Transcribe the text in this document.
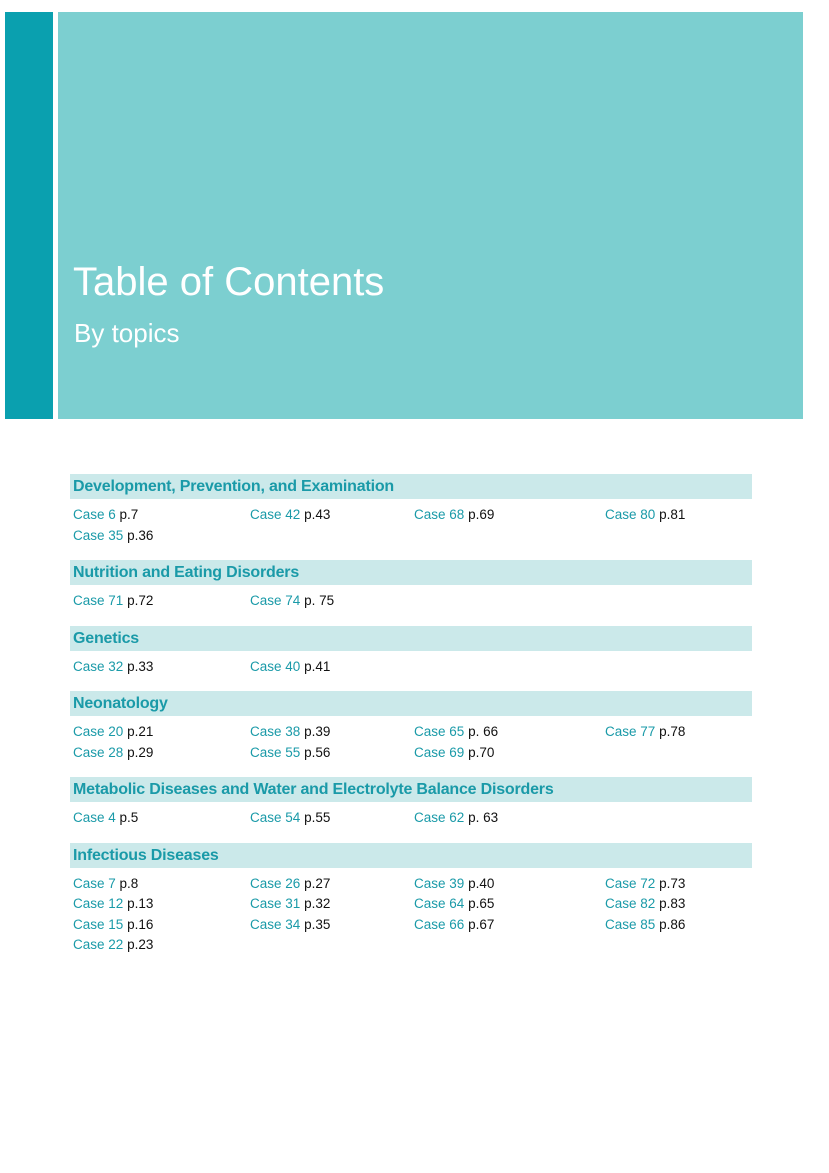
Table of Contents
By topics
Development, Prevention, and Examination
Case 6 p.7	Case 42 p.43	Case 68 p.69	Case 80 p.81
Case 35 p.36
Nutrition and Eating Disorders
Case 71 p.72	Case 74 p. 75
Genetics
Case 32 p.33	Case 40 p.41
Neonatology
Case 20 p.21	Case 38 p.39	Case 65 p. 66	Case 77 p.78
Case 28 p.29	Case 55 p.56	Case 69 p.70
Metabolic Diseases and Water and Electrolyte Balance Disorders
Case 4 p.5	Case 54 p.55	Case 62 p. 63
Infectious Diseases
Case 7 p.8	Case 26 p.27	Case 39 p.40	Case 72 p.73
Case 12 p.13	Case 31 p.32	Case 64 p.65	Case 82 p.83
Case 15 p.16	Case 34 p.35	Case 66 p.67	Case 85 p.86
Case 22 p.23
